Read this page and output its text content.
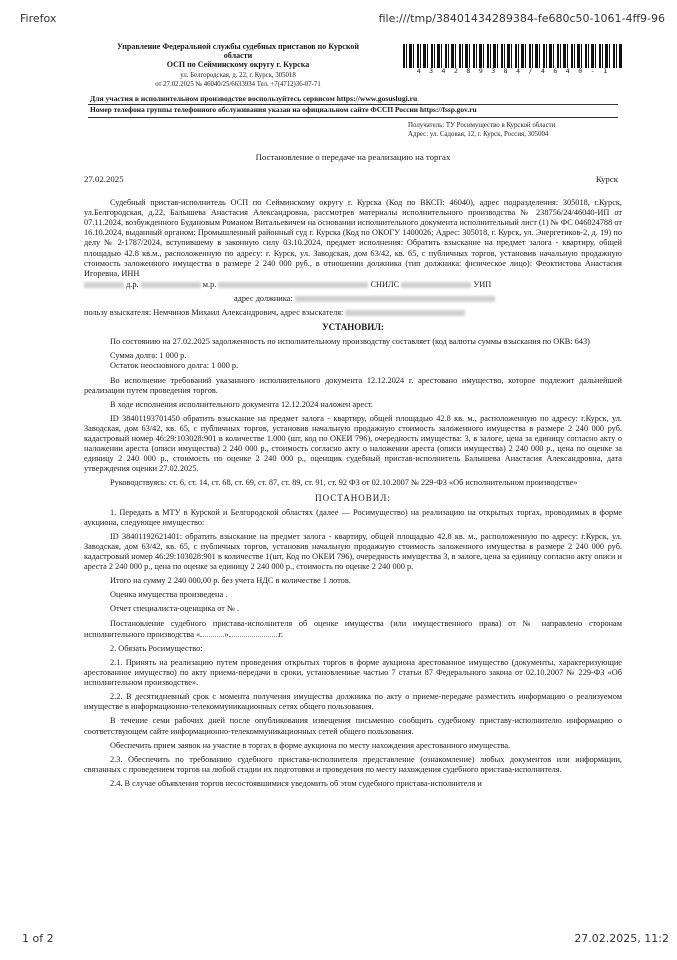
Firefox	file:///tmp/38401434289384-fe680c50-1061-4ff9-96
Управление Федеральной службы судебных приставов по Курской
области
ОСП по Сейминскому округу г. Курска
ул. Белгородская, д. 22, г. Курск, 305018
от 27.02.2025 № 46040/25/6633934 Тел. +7(4712)36-07-71
4 3 4 2 8 9 3 8 4 / 4 6 4 0 - 1
Для участия в исполнительном производстве воспользуйтесь сервисом https://www.gosuslugi.ru
Номер телефона группы телефонного обслуживания указан на официальном сайте ФССП России https://fssp.gov.ru
Получатель: ТУ Росимущество в Курской области
Адрес: ул. Садовая, 12, г. Курск, Россия, 305004
Постановление о передаче на реализацию на торгах
27.02.2025	Курск

Судебный пристав-исполнитель ОСП по Сейминскому округу г. Курска (Код по ВКСП: 46040), адрес подразделения: 305018, г.Курск, ул.Белгородская, д.22, Балышева Анастасия Александровна, рассмотрев материалы исполнительного производства № 238756/24/46040-ИП от 07.11.2024, возбужденного Будановым Романом Витальевичем на основании исполнительного документа исполнительный лист (1) № ФС 046024788 от 16.10.2024, выданный органом: Промышленный районный суд г. Курска (Код по ОКОГУ 1400026; Адрес: 305018, г. Курск, ул. Энергетиков-2, д. 19) по делу № 2-1787/2024, вступившему в законную силу 03.10.2024, предмет исполнения: Обратить взыскание на предмет залога - квартиру, общей площадью 42.8 кв.м., расположенную по адресу: г. Курск, ул. Заводская, дом 63/42, кв. 65, с публичных торгов, установив начальную продажную стоимость заложенного имущества в размере 2 240 000 руб., в отношении должника (тип должника: физическое лицо): Феоктистова Анастасия Игоревна, ИНН

д.р.	м.р.	СНИЛС	УИП

адрес должника:

пользу взыскателя: Немчинов Михаил Александрович, адрес взыскателя:

УСТАНОВИЛ:

По состоянию на 27.02.2025 задолженность по исполнительному производству составляет (код валюты суммы взыскания по ОКВ: 643)

Сумма долга: 1 000 р.

Остаток неосновного долга: 1 000 р.

Во исполнение требований указанного исполнительного документа 12.12.2024 г. арестовано имущество, которое подлежит дальнейшей реализации путем проведения торгов.

В ходе исполнения исполнительного документа 12.12.2024 наложен арест.

ID 38401193701450 обратить взыскание на предмет залога - квартиру, общей площадью 42.8 кв. м., расположенную по адресу: г.Курск, ул. Заводская, дом 63/42, кв. 65, с публичных торгов, установив начальную продажную стоимость заложенного имущества в размере 2 240 000 руб. кадастровый номер 46:29:103028:901 в количестве 1.000 (шт, код по ОКЕИ 796), очередность имущества: 3, в залоге, цена за единицу согласно акту о наложении ареста (описи имущества) 2 240 000 р., стоимость согласно акту о наложении ареста (описи имущества) 2 240 000 р., цена по оценке за единицу 2 240 000 р., стоимость по оценке 2 240 000 р., оценщик судебный пристав-исполнитель Балышева Анастасия Александровна, дата утверждения оценки 27.02.2025.

Руководствуясь: ст. 6, ст. 14, ст. 68, ст. 69, ст. 87, ст. 89, ст. 91, ст. 92 ФЗ от 02.10.2007 № 229-ФЗ «Об исполнительном производстве»

ПОСТАНОВИЛ:

1. Передать в МТУ в Курской и Белгородской областях (далее — Росимущество) на реализацию на открытых торгах, проводимых в форме аукциона, следующее имущество:

ID 38401192621401: обратить взыскание на предмет залога - квартиру, общей площадью 42.8 кв. м., расположенную по адресу: г.Курск, ул. Заводская, дом 63/42, кв. 65, с публичных торгов, установив начальную продажную стоимость заложенного имущества в размере 2 240 000 руб. кадастровый номер 46:29:103028:901 в количестве 1(шт, Код по ОКЕИ 796), очередность имущества 3, в залоге, цена за единицу согласно акту описи и ареста 2 240 000 р., цена по оценке за единицу 2 240 000 р., стоимость по оценке 2 240 000 р.

Итого на сумму 2 240 000,00 р. без учета НДС в количестве 1 лотов.

Оценка имущества произведена .

Отчет специалиста-оценщика от № .

Постановление судебного пристава-исполнителя об оценке имущества (или имущественного права) от № направлено сторонам исполнительного производства «	»	г.

2. Обязать Росимущество:

2.1. Принять на реализацию путем проведения открытых торгов в форме аукциона арестованное имущество (документы, характеризующие арестованное имущество) по акту приема-передачи в сроки, установленные частью 7 статьи 87 Федерального закона от 02.10.2007 № 229-ФЗ «Об исполнительном производстве».

2.2. В десятидневный срок с момента получения имущества должника по акту о приеме-передаче разместить информацию о реализуемом имуществе в информационно-телекоммуникационных сетях общего пользования.

В течение семи рабочих дней после опубликования извещения письменно сообщить судебному приставу-исполнителю информацию о соответствующем сайте информационно-телекоммуникационных сетей общего пользования.

Обеспечить прием заявок на участие в торгах в форме аукциона по месту нахождения арестованного имущества.

2.3. Обеспечить по требованию судебного пристава-исполнителя представление (ознакомление) любых документов или информации, связанных с проведением торгов на любой стадии их подготовки и проведения по месту нахождения судебного пристава-исполнителя.

2.4. В случае объявления торгов несостоявшимися уведомить об этом судебного пристава-исполнителя и

1 of 2	27.02.2025, 11:2
